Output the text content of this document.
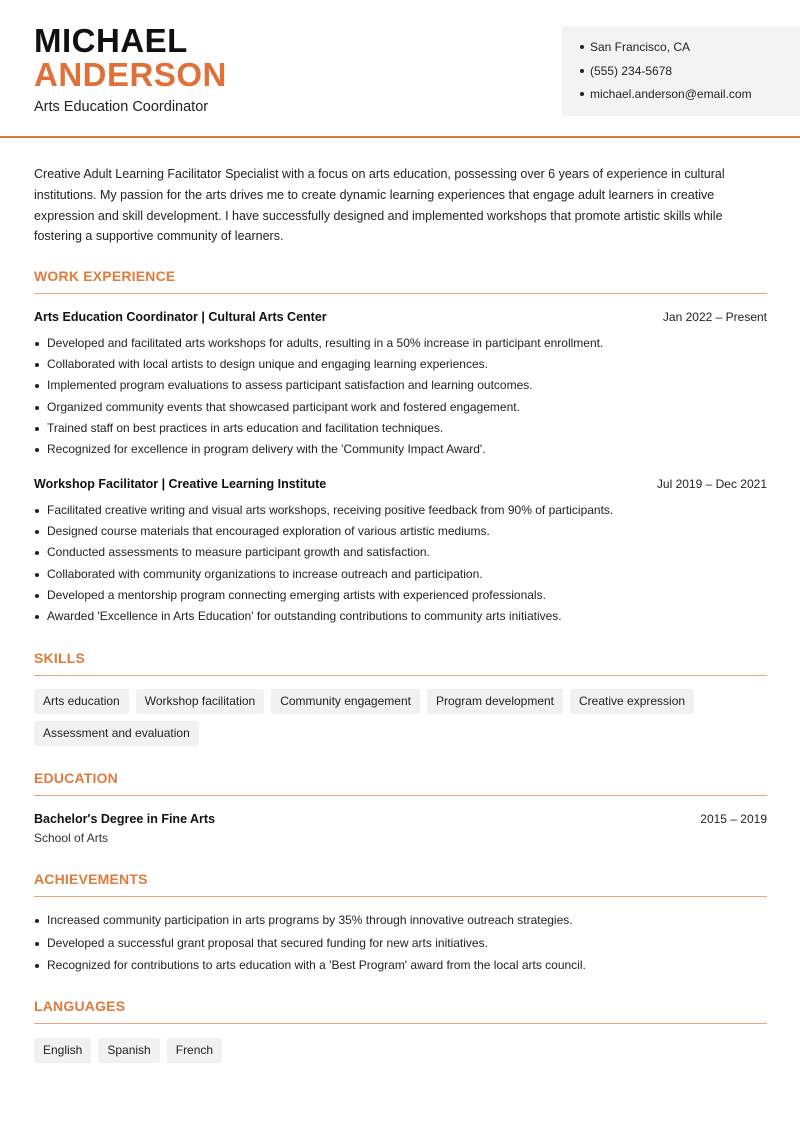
MICHAEL
ANDERSON
Arts Education Coordinator
San Francisco, CA
(555) 234-5678
michael.anderson@email.com

Creative Adult Learning Facilitator Specialist with a focus on arts education, possessing over 6 years of experience in cultural institutions. My passion for the arts drives me to create dynamic learning experiences that engage adult learners in creative expression and skill development. I have successfully designed and implemented workshops that promote artistic skills while fostering a supportive community of learners.

WORK EXPERIENCE
Arts Education Coordinator | Cultural Arts Center	Jan 2022 – Present
Developed and facilitated arts workshops for adults, resulting in a 50% increase in participant enrollment.
Collaborated with local artists to design unique and engaging learning experiences.
Implemented program evaluations to assess participant satisfaction and learning outcomes.
Organized community events that showcased participant work and fostered engagement.
Trained staff on best practices in arts education and facilitation techniques.
Recognized for excellence in program delivery with the 'Community Impact Award'.
Workshop Facilitator | Creative Learning Institute	Jul 2019 – Dec 2021
Facilitated creative writing and visual arts workshops, receiving positive feedback from 90% of participants.
Designed course materials that encouraged exploration of various artistic mediums.
Conducted assessments to measure participant growth and satisfaction.
Collaborated with community organizations to increase outreach and participation.
Developed a mentorship program connecting emerging artists with experienced professionals.
Awarded 'Excellence in Arts Education' for outstanding contributions to community arts initiatives.
SKILLS
Arts education	Workshop facilitation	Community engagement	Program development	Creative expression
Assessment and evaluation
EDUCATION
Bachelor's Degree in Fine Arts	2015 – 2019
School of Arts
ACHIEVEMENTS
Increased community participation in arts programs by 35% through innovative outreach strategies.
Developed a successful grant proposal that secured funding for new arts initiatives.
Recognized for contributions to arts education with a 'Best Program' award from the local arts council.
LANGUAGES
English	Spanish	French
